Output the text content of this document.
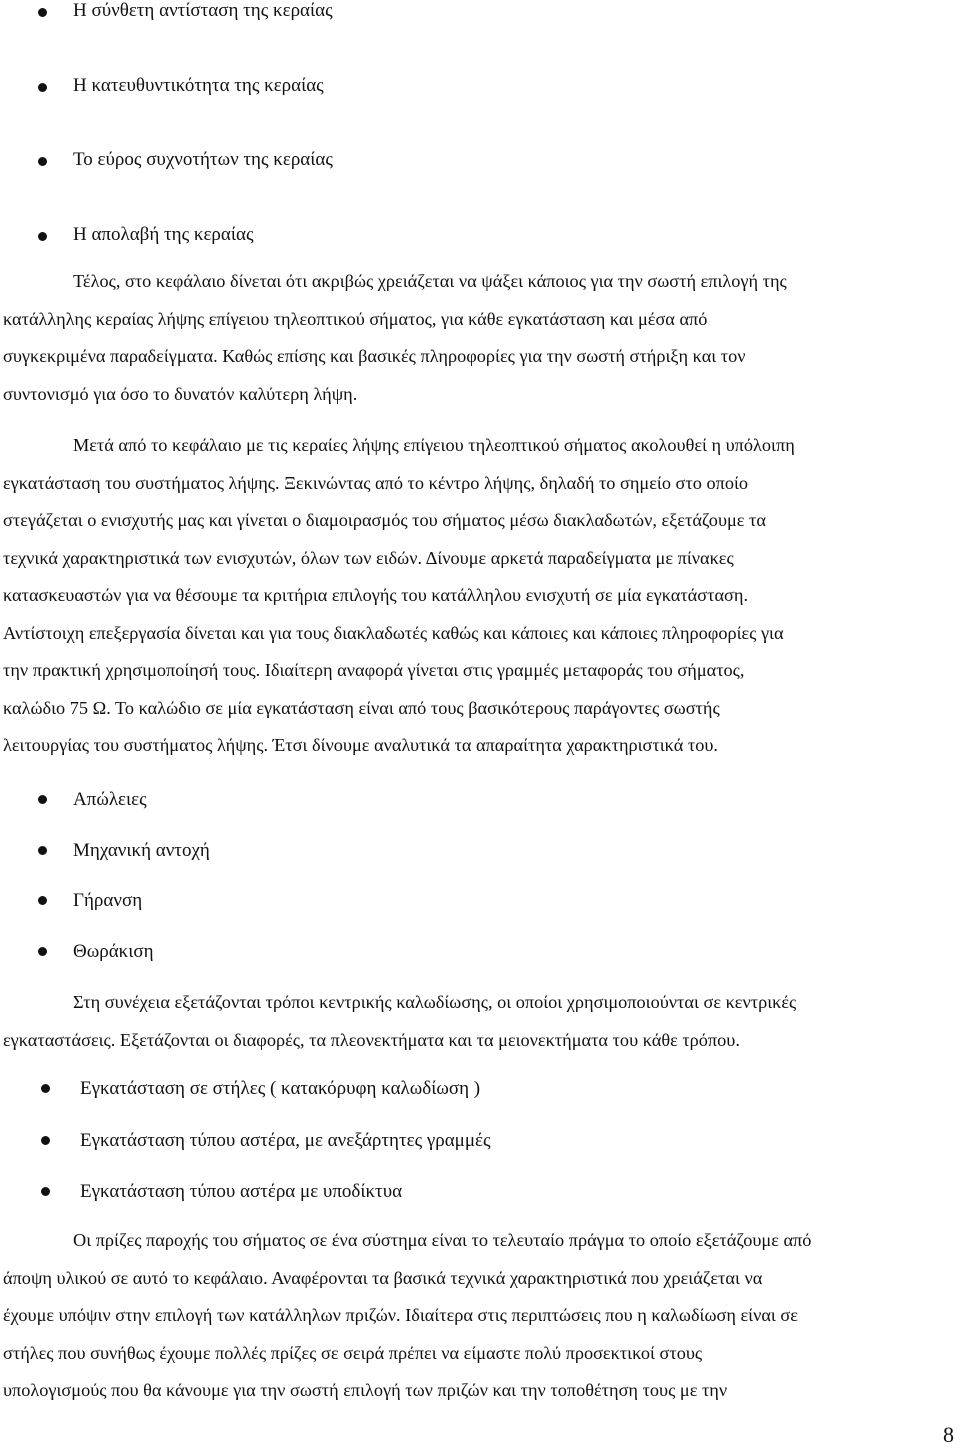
Η σύνθετη αντίσταση της κεραίας
Η κατευθυντικότητα της κεραίας
Το εύρος συχνοτήτων της κεραίας
Η απολαβή της κεραίας

Τέλος, στο κεφάλαιο δίνεται ότι ακριβώς χρειάζεται να ψάξει κάποιος για την σωστή επιλογή της
κατάλληλης κεραίας λήψης επίγειου τηλεοπτικού σήματος, για κάθε εγκατάσταση και μέσα από
συγκεκριμένα παραδείγματα. Καθώς επίσης και βασικές πληροφορίες για την σωστή στήριξη και τον
συντονισμό για όσο το δυνατόν καλύτερη λήψη.

Μετά από το κεφάλαιο με τις κεραίες λήψης επίγειου τηλεοπτικού σήματος ακολουθεί η υπόλοιπη
εγκατάσταση του συστήματος λήψης. Ξεκινώντας από το κέντρο λήψης, δηλαδή το σημείο στο οποίο
στεγάζεται ο ενισχυτής μας και γίνεται ο διαμοιρασμός του σήματος μέσω διακλαδωτών, εξετάζουμε τα
τεχνικά χαρακτηριστικά των ενισχυτών, όλων των ειδών. Δίνουμε αρκετά παραδείγματα με πίνακες
κατασκευαστών για να θέσουμε τα κριτήρια επιλογής του κατάλληλου ενισχυτή σε μία εγκατάσταση.
Αντίστοιχη επεξεργασία δίνεται και για τους διακλαδωτές καθώς και κάποιες και κάποιες πληροφορίες για
την πρακτική χρησιμοποίησή τους. Ιδιαίτερη αναφορά γίνεται στις γραμμές μεταφοράς του σήματος,
καλώδιο 75 Ω. Το καλώδιο σε μία εγκατάσταση είναι από τους βασικότερους παράγοντες σωστής
λειτουργίας του συστήματος λήψης. Έτσι δίνουμε αναλυτικά τα απαραίτητα χαρακτηριστικά του.

Απώλειες
Μηχανική αντοχή
Γήρανση
Θωράκιση

Στη συνέχεια εξετάζονται τρόποι κεντρικής καλωδίωσης, οι οποίοι χρησιμοποιούνται σε κεντρικές
εγκαταστάσεις. Εξετάζονται οι διαφορές, τα πλεονεκτήματα και τα μειονεκτήματα του κάθε τρόπου.

Εγκατάσταση σε στήλες ( κατακόρυφη καλωδίωση )
Εγκατάσταση τύπου αστέρα, με ανεξάρτητες γραμμές
Εγκατάσταση τύπου αστέρα με υποδίκτυα

Οι πρίζες παροχής του σήματος σε ένα σύστημα είναι το τελευταίο πράγμα το οποίο εξετάζουμε από
άποψη υλικού σε αυτό το κεφάλαιο. Αναφέρονται τα βασικά τεχνικά χαρακτηριστικά που χρειάζεται να
έχουμε υπόψιν στην επιλογή των κατάλληλων πριζών. Ιδιαίτερα στις περιπτώσεις που η καλωδίωση είναι σε
στήλες που συνήθως έχουμε πολλές πρίζες σε σειρά πρέπει να είμαστε πολύ προσεκτικοί στους
υπολογισμούς που θα κάνουμε για την σωστή επιλογή των πριζών και την τοποθέτηση τους με την

8
